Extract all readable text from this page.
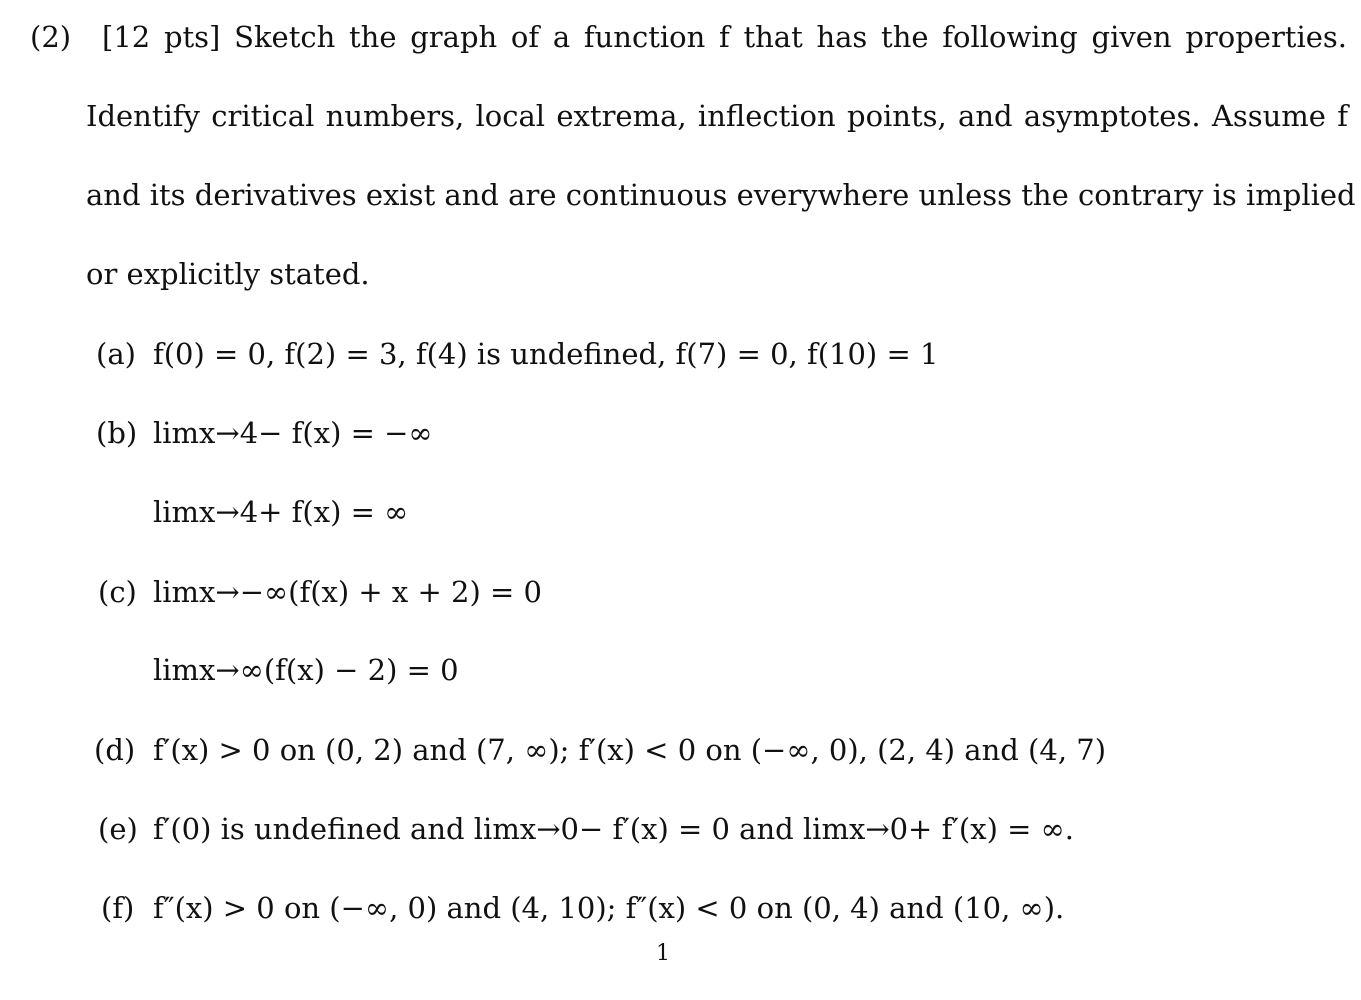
(2) [12 pts] Sketch the graph of a function f that has the following given properties.
Identify critical numbers, local extrema, inflection points, and asymptotes. Assume f
and its derivatives exist and are continuous everywhere unless the contrary is implied
or explicitly stated.
(a) f(0) = 0, f(2) = 3, f(4) is undefined, f(7) = 0, f(10) = 1
(b) limx→4− f(x) = −∞
limx→4+ f(x) = ∞
(c) limx→−∞(f(x) + x + 2) = 0
limx→∞(f(x) − 2) = 0
(d) f′(x) > 0 on (0, 2) and (7, ∞); f′(x) < 0 on (−∞, 0), (2, 4) and (4, 7)
(e) f′(0) is undefined and limx→0− f′(x) = 0 and limx→0+ f′(x) = ∞.
(f) f″(x) > 0 on (−∞, 0) and (4, 10); f″(x) < 0 on (0, 4) and (10, ∞).
1
